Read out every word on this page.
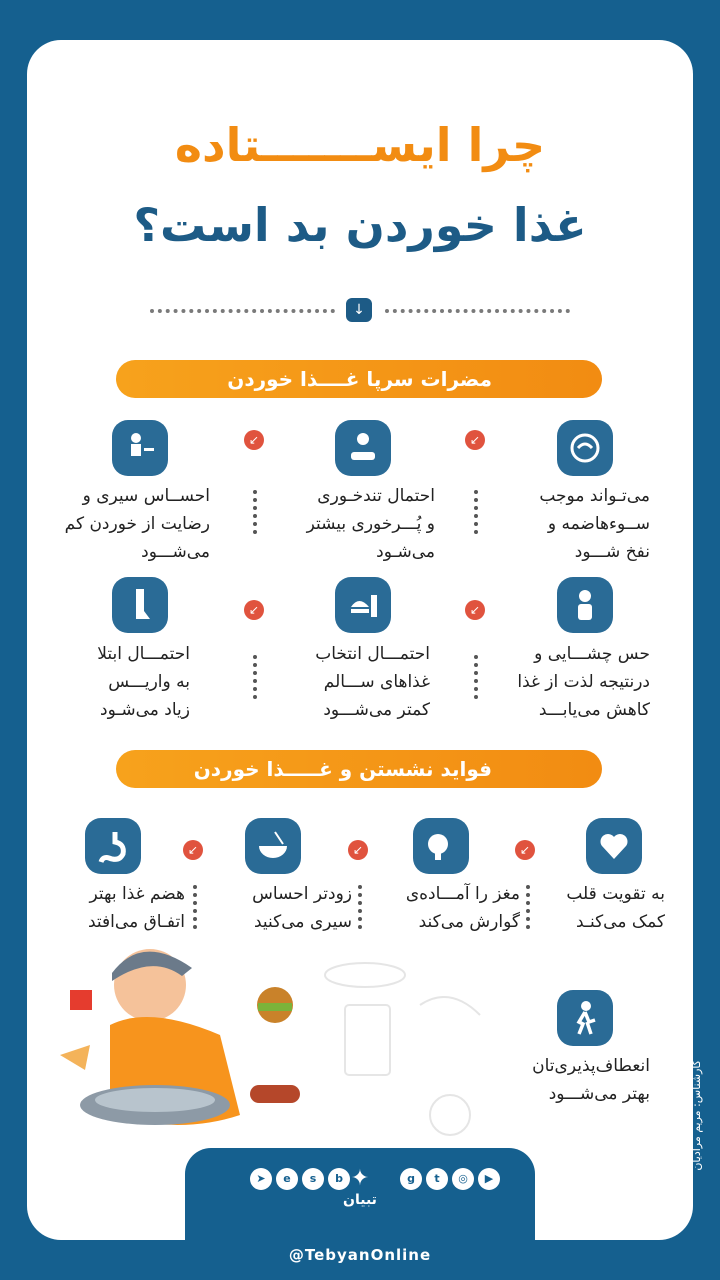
چرا ایســـــــتاده
غذا خوردن بد است؟
↓
مضرات سرپا غــــذا خوردن
می‌تـواند موجب
ســوءهاضمه و
نفخ شـــود
↙
احتمال تندخـوری
و پُـــرخوری بیشتر
می‌شـود
↙
احســاس سیری و
رضایت از خوردن کم
می‌شـــود
حس چشـــایی و
درنتیجه لذت از غذا
کاهش می‌یابـــد
↙
احتمـــال انتخاب
غذاهای ســـالم
کمتر می‌شـــود
↙
احتمـــال ابتلا
به واریـــس
زیاد می‌شـود
فواید نشستن و غـــــذا خوردن
به تقویت قلب
کمک می‌کنـد
↙
مغز را آمـــاده‌ی
گوارش می‌کند
↙
زودتر احساس
سیری می‌کنید
↙
هضم غذا بهتر
اتفـاق می‌افتد
انعطاف‌پذیری‌تان
بهتر می‌شـــود	کارشناس: مریم مرادیان
➤	e	s	b ✦
تبیان
g	t	◎	▶
@TebyanOnline
